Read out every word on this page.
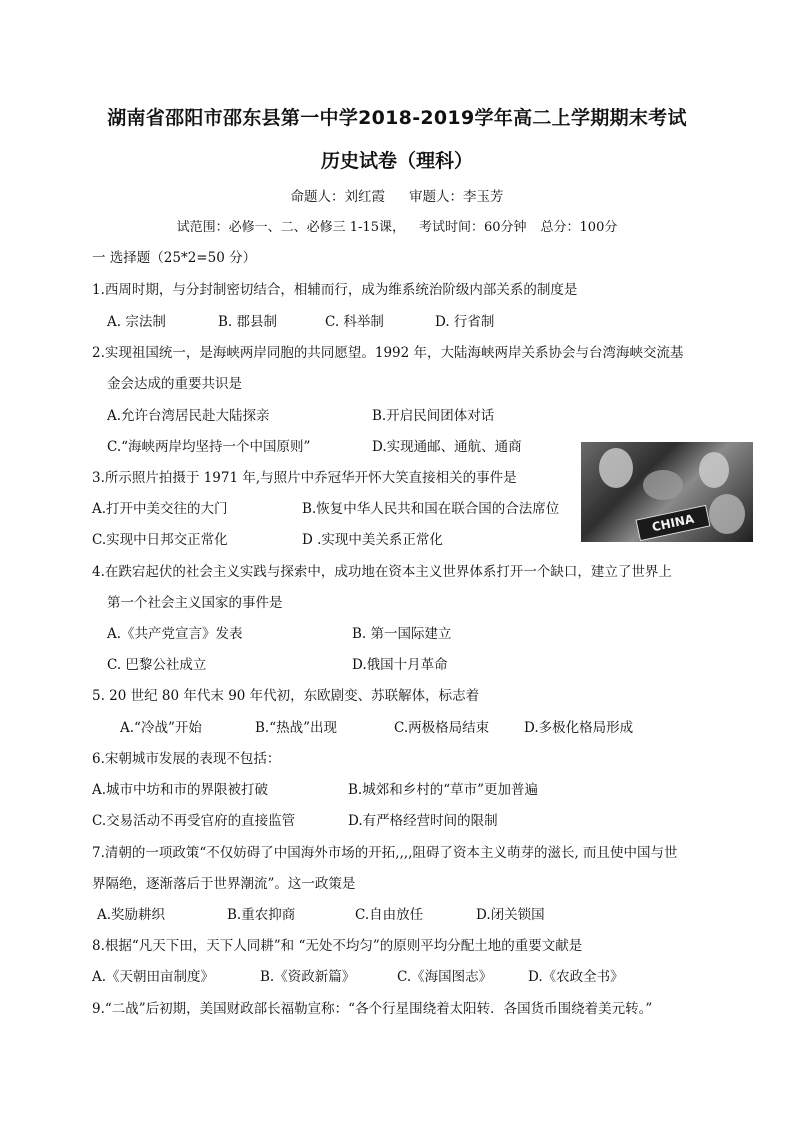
湖南省邵阳市邵东县第一中学2018-2019学年高二上学期期末考试
历史试卷（理科）
命题人：刘红霞 审题人：李玉芳
试范围：必修一、二、必修三 1-15课， 考试时间：60分钟 总分：100分
一 选择题（25*2=50 分）
1.西周时期，与分封制密切结合，相辅而行，成为维系统治阶级内部关系的制度是
A. 宗法制	B. 郡县制	C. 科举制	D. 行省制
2.实现祖国统一，是海峡两岸同胞的共同愿望。1992 年，大陆海峡两岸关系协会与台湾海峡交流基
金会达成的重要共识是
A.允许台湾居民赴大陆探亲	B.开启民间团体对话
C.“海峡两岸均坚持一个中国原则”	D.实现通邮、通航、通商
CHINA
3.所示照片拍摄于 1971 年,与照片中乔冠华开怀大笑直接相关的事件是
A.打开中美交往的大门	B.恢复中华人民共和国在联合国的合法席位
C.实现中日邦交正常化	D .实现中美关系正常化
4.在跌宕起伏的社会主义实践与探索中，成功地在资本主义世界体系打开一个缺口，建立了世界上
第一个社会主义国家的事件是
A.《共产党宣言》发表	B. 第一国际建立
C. 巴黎公社成立	D.俄国十月革命
5. 20 世纪 80 年代末 90 年代初，东欧剧变、苏联解体，标志着
A.“冷战”开始	B.“热战”出现	C.两极格局结束	D.多极化格局形成
6.宋朝城市发展的表现不包括：
A.城市中坊和市的界限被打破	B.城郊和乡村的“草市”更加普遍
C.交易活动不再受官府的直接监管	D.有严格经营时间的限制
7.清朝的一项政策“不仅妨碍了中国海外市场的开拓,,,,阻碍了资本主义萌芽的滋长, 而且使中国与世
界隔绝，逐渐落后于世界潮流”。这一政策是
A.奖励耕织	B.重农抑商	C.自由放任	D.闭关锁国
8.根据“凡天下田，天下人同耕”和 “无处不均匀”的原则平均分配土地的重要文献是
A.《天朝田亩制度》	B.《资政新篇》	C.《海国图志》	D.《农政全书》
9.“二战”后初期，美国财政部长福勒宣称：“各个行星围绕着太阳转．各国货币围绕着美元转。”
